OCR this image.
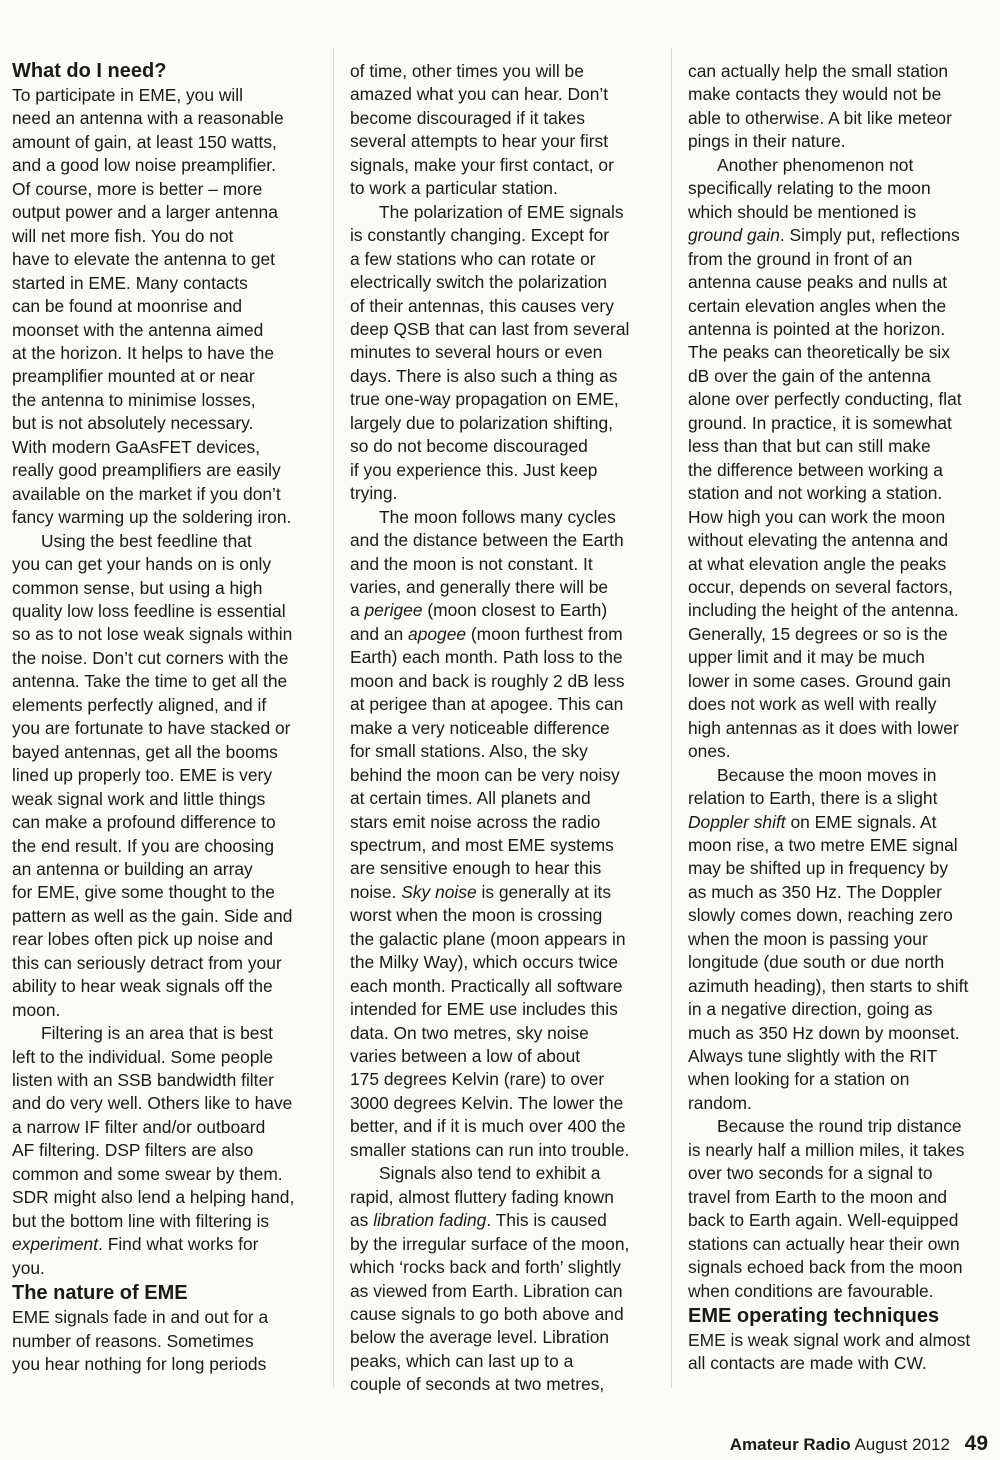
What do I need?
To participate in EME, you will
need an antenna with a reasonable
amount of gain, at least 150 watts,
and a good low noise preamplifier.
Of course, more is better – more
output power and a larger antenna
will net more fish. You do not
have to elevate the antenna to get
started in EME. Many contacts
can be found at moonrise and
moonset with the antenna aimed
at the horizon. It helps to have the
preamplifier mounted at or near
the antenna to minimise losses,
but is not absolutely necessary.
With modern GaAsFET devices,
really good preamplifiers are easily
available on the market if you don’t
fancy warming up the soldering iron.
Using the best feedline that
you can get your hands on is only
common sense, but using a high
quality low loss feedline is essential
so as to not lose weak signals within
the noise. Don’t cut corners with the
antenna. Take the time to get all the
elements perfectly aligned, and if
you are fortunate to have stacked or
bayed antennas, get all the booms
lined up properly too. EME is very
weak signal work and little things
can make a profound difference to
the end result. If you are choosing
an antenna or building an array
for EME, give some thought to the
pattern as well as the gain. Side and
rear lobes often pick up noise and
this can seriously detract from your
ability to hear weak signals off the
moon.
Filtering is an area that is best
left to the individual. Some people
listen with an SSB bandwidth filter
and do very well. Others like to have
a narrow IF filter and/or outboard
AF filtering. DSP filters are also
common and some swear by them.
SDR might also lend a helping hand,
but the bottom line with filtering is
experiment. Find what works for
you.
The nature of EME
EME signals fade in and out for a
number of reasons. Sometimes
you hear nothing for long periods
of time, other times you will be
amazed what you can hear. Don’t
become discouraged if it takes
several attempts to hear your first
signals, make your first contact, or
to work a particular station.
The polarization of EME signals
is constantly changing. Except for
a few stations who can rotate or
electrically switch the polarization
of their antennas, this causes very
deep QSB that can last from several
minutes to several hours or even
days. There is also such a thing as
true one-way propagation on EME,
largely due to polarization shifting,
so do not become discouraged
if you experience this. Just keep
trying.
The moon follows many cycles
and the distance between the Earth
and the moon is not constant. It
varies, and generally there will be
a perigee (moon closest to Earth)
and an apogee (moon furthest from
Earth) each month. Path loss to the
moon and back is roughly 2 dB less
at perigee than at apogee. This can
make a very noticeable difference
for small stations. Also, the sky
behind the moon can be very noisy
at certain times. All planets and
stars emit noise across the radio
spectrum, and most EME systems
are sensitive enough to hear this
noise. Sky noise is generally at its
worst when the moon is crossing
the galactic plane (moon appears in
the Milky Way), which occurs twice
each month. Practically all software
intended for EME use includes this
data. On two metres, sky noise
varies between a low of about
175 degrees Kelvin (rare) to over
3000 degrees Kelvin. The lower the
better, and if it is much over 400 the
smaller stations can run into trouble.
Signals also tend to exhibit a
rapid, almost fluttery fading known
as libration fading. This is caused
by the irregular surface of the moon,
which ‘rocks back and forth’ slightly
as viewed from Earth. Libration can
cause signals to go both above and
below the average level. Libration
peaks, which can last up to a
couple of seconds at two metres,
can actually help the small station
make contacts they would not be
able to otherwise. A bit like meteor
pings in their nature.
Another phenomenon not
specifically relating to the moon
which should be mentioned is
ground gain. Simply put, reflections
from the ground in front of an
antenna cause peaks and nulls at
certain elevation angles when the
antenna is pointed at the horizon.
The peaks can theoretically be six
dB over the gain of the antenna
alone over perfectly conducting, flat
ground. In practice, it is somewhat
less than that but can still make
the difference between working a
station and not working a station.
How high you can work the moon
without elevating the antenna and
at what elevation angle the peaks
occur, depends on several factors,
including the height of the antenna.
Generally, 15 degrees or so is the
upper limit and it may be much
lower in some cases. Ground gain
does not work as well with really
high antennas as it does with lower
ones.
Because the moon moves in
relation to Earth, there is a slight
Doppler shift on EME signals. At
moon rise, a two metre EME signal
may be shifted up in frequency by
as much as 350 Hz. The Doppler
slowly comes down, reaching zero
when the moon is passing your
longitude (due south or due north
azimuth heading), then starts to shift
in a negative direction, going as
much as 350 Hz down by moonset.
Always tune slightly with the RIT
when looking for a station on
random.
Because the round trip distance
is nearly half a million miles, it takes
over two seconds for a signal to
travel from Earth to the moon and
back to Earth again. Well-equipped
stations can actually hear their own
signals echoed back from the moon
when conditions are favourable.
EME operating techniques
EME is weak signal work and almost
all contacts are made with CW.
Amateur Radio August 2012 49
